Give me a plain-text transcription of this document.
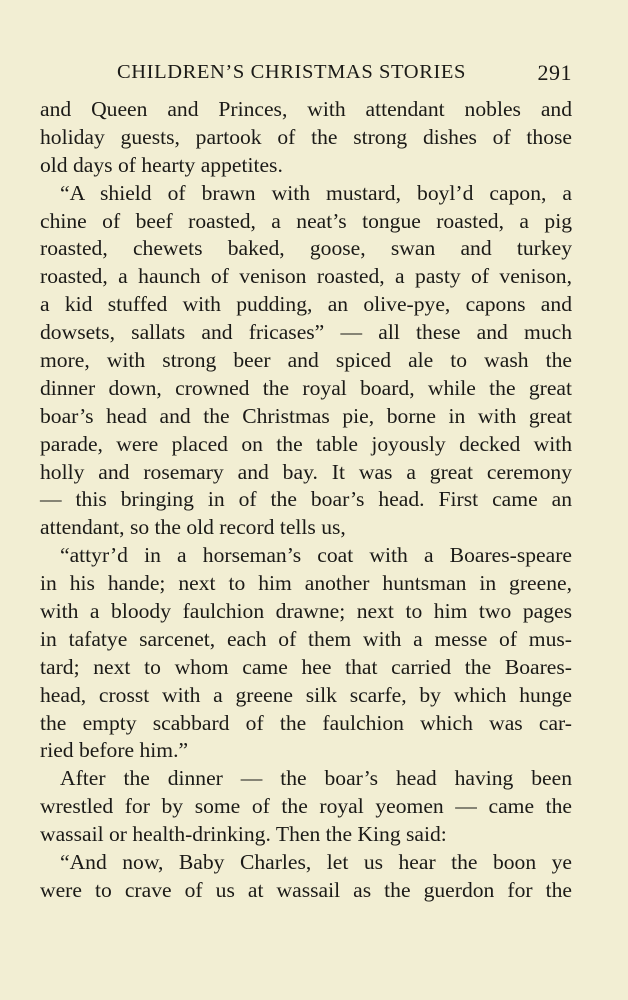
CHILDREN’S CHRISTMAS STORIES	291
and Queen and Princes, with attendant nobles and
holiday guests, partook of the strong dishes of those
old days of hearty appetites.
“A shield of brawn with mustard, boyl’d capon, a
chine of beef roasted, a neat’s tongue roasted, a pig
roasted, chewets baked, goose, swan and turkey
roasted, a haunch of venison roasted, a pasty of venison,
a kid stuffed with pudding, an olive-pye, capons and
dowsets, sallats and fricases” — all these and much
more, with strong beer and spiced ale to wash the
dinner down, crowned the royal board, while the great
boar’s head and the Christmas pie, borne in with great
parade, were placed on the table joyously decked with
holly and rosemary and bay. It was a great ceremony
— this bringing in of the boar’s head. First came an
attendant, so the old record tells us,
“attyr’d in a horseman’s coat with a Boares-speare
in his hande; next to him another huntsman in greene,
with a bloody faulchion drawne; next to him two pages
in tafatye sarcenet, each of them with a messe of mus-
tard; next to whom came hee that carried the Boares-
head, crosst with a greene silk scarfe, by which hunge
the empty scabbard of the faulchion which was car-
ried before him.”
After the dinner — the boar’s head having been
wrestled for by some of the royal yeomen — came the
wassail or health-drinking. Then the King said:
“And now, Baby Charles, let us hear the boon ye
were to crave of us at wassail as the guerdon for the
